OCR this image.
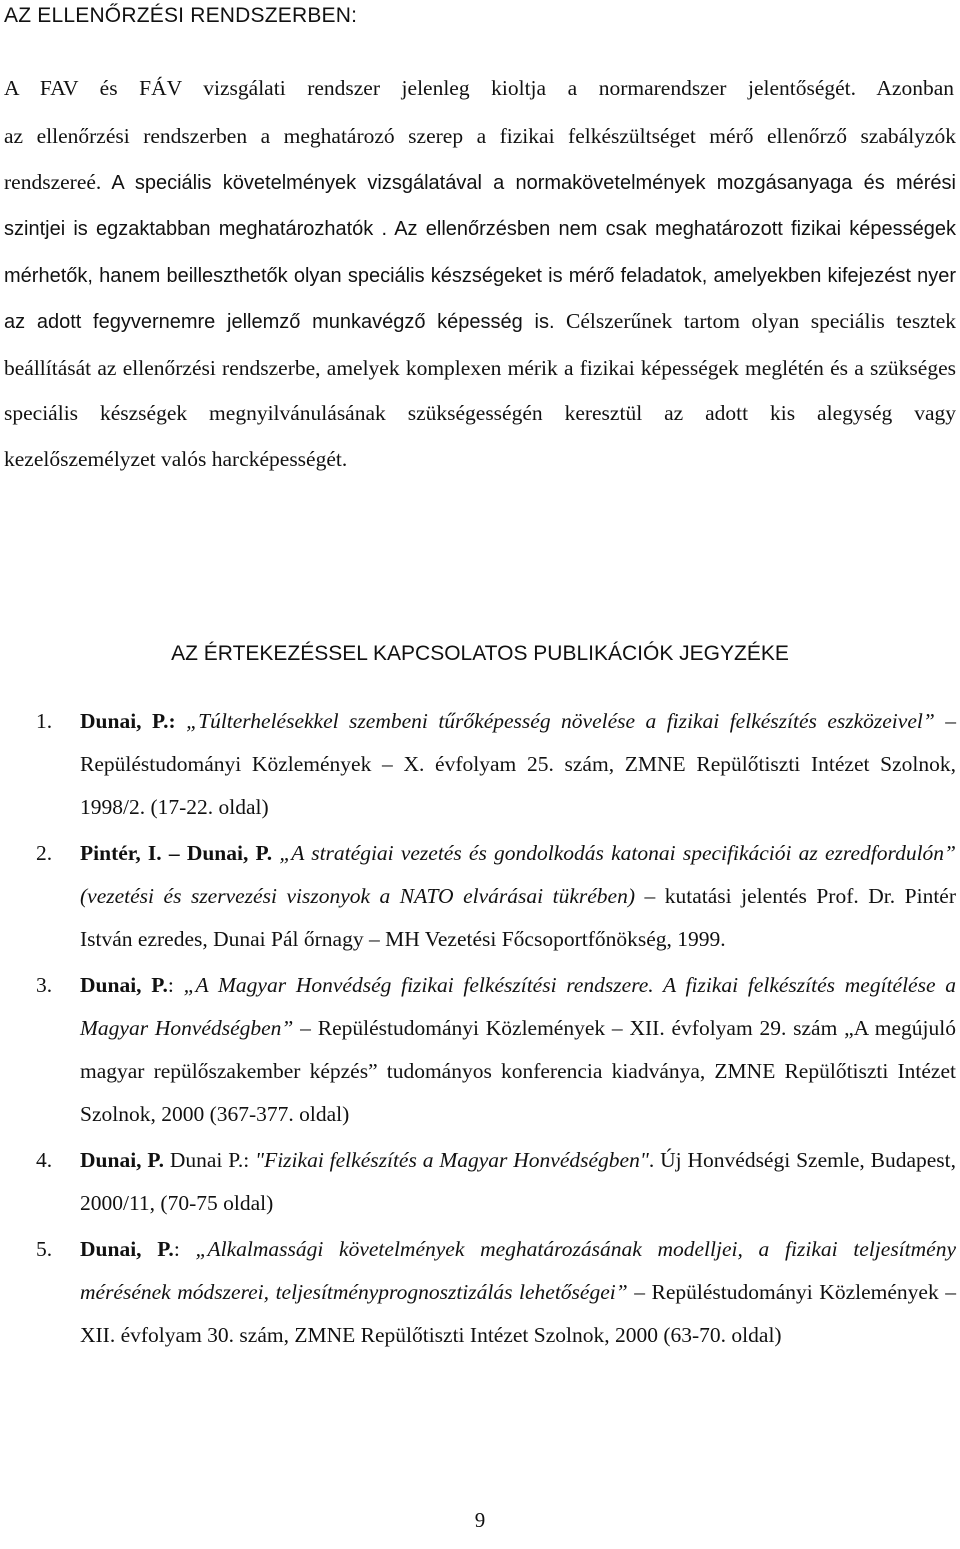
AZ ELLENŐRZÉSI RENDSZERBEN:

A FAV és FÁV vizsgálati rendszer jelenleg kioltja a normarendszer jelentőségét. Azonban

az ellenőrzési rendszerben a meghatározó szerep a fizikai felkészültséget mérő ellenőrző szabályzók rendszereé. A speciális követelmények vizsgálatával a normakövetelmények mozgásanyaga és mérési szintjei is egzaktabban meghatározhatók . Az ellenőrzésben nem csak meghatározott fizikai képességek mérhetők, hanem beilleszthetők olyan speciális készségeket is mérő feladatok, amelyekben kifejezést nyer az adott fegyvernemre jellemző munkavégző képesség is. Célszerűnek tartom olyan speciális tesztek beállítását az ellenőrzési rendszerbe, amelyek komplexen mérik a fizikai képességek meglétén és a szükséges speciális készségek megnyilvánulásának szükségességén keresztül az adott kis alegység vagy kezelőszemélyzet valós harcképességét.

AZ ÉRTEKEZÉSSEL KAPCSOLATOS PUBLIKÁCIÓK JEGYZÉKE
1. Dunai, P.: „Túlterhelésekkel szembeni tűrőképesség növelése a fizikai felkészítés eszközeivel” – Repüléstudományi Közlemények – X. évfolyam 25. szám, ZMNE Repülőtiszti Intézet Szolnok, 1998/2. (17-22. oldal)
2. Pintér, I. – Dunai, P. „A stratégiai vezetés és gondolkodás katonai specifikációi az ezredfordulón” (vezetési és szervezési viszonyok a NATO elvárásai tükrében) – kutatási jelentés Prof. Dr. Pintér István ezredes, Dunai Pál őrnagy – MH Vezetési Főcsoportfőnökség, 1999.
3. Dunai, P.: „A Magyar Honvédség fizikai felkészítési rendszere. A fizikai felkészítés megítélése a Magyar Honvédségben” – Repüléstudományi Közlemények – XII. évfolyam 29. szám „A megújuló magyar repülőszakember képzés” tudományos konferencia kiadványa, ZMNE Repülőtiszti Intézet Szolnok, 2000 (367-377. oldal)
4. Dunai, P. Dunai P.: "Fizikai felkészítés a Magyar Honvédségben". Új Honvédségi Szemle, Budapest, 2000/11, (70-75 oldal)
5. Dunai, P.: „Alkalmassági követelmények meghatározásának modelljei, a fizikai teljesítmény mérésének módszerei, teljesítményprognosztizálás lehetőségei” – Repüléstudományi Közlemények – XII. évfolyam 30. szám, ZMNE Repülőtiszti Intézet Szolnok, 2000 (63-70. oldal)

9
